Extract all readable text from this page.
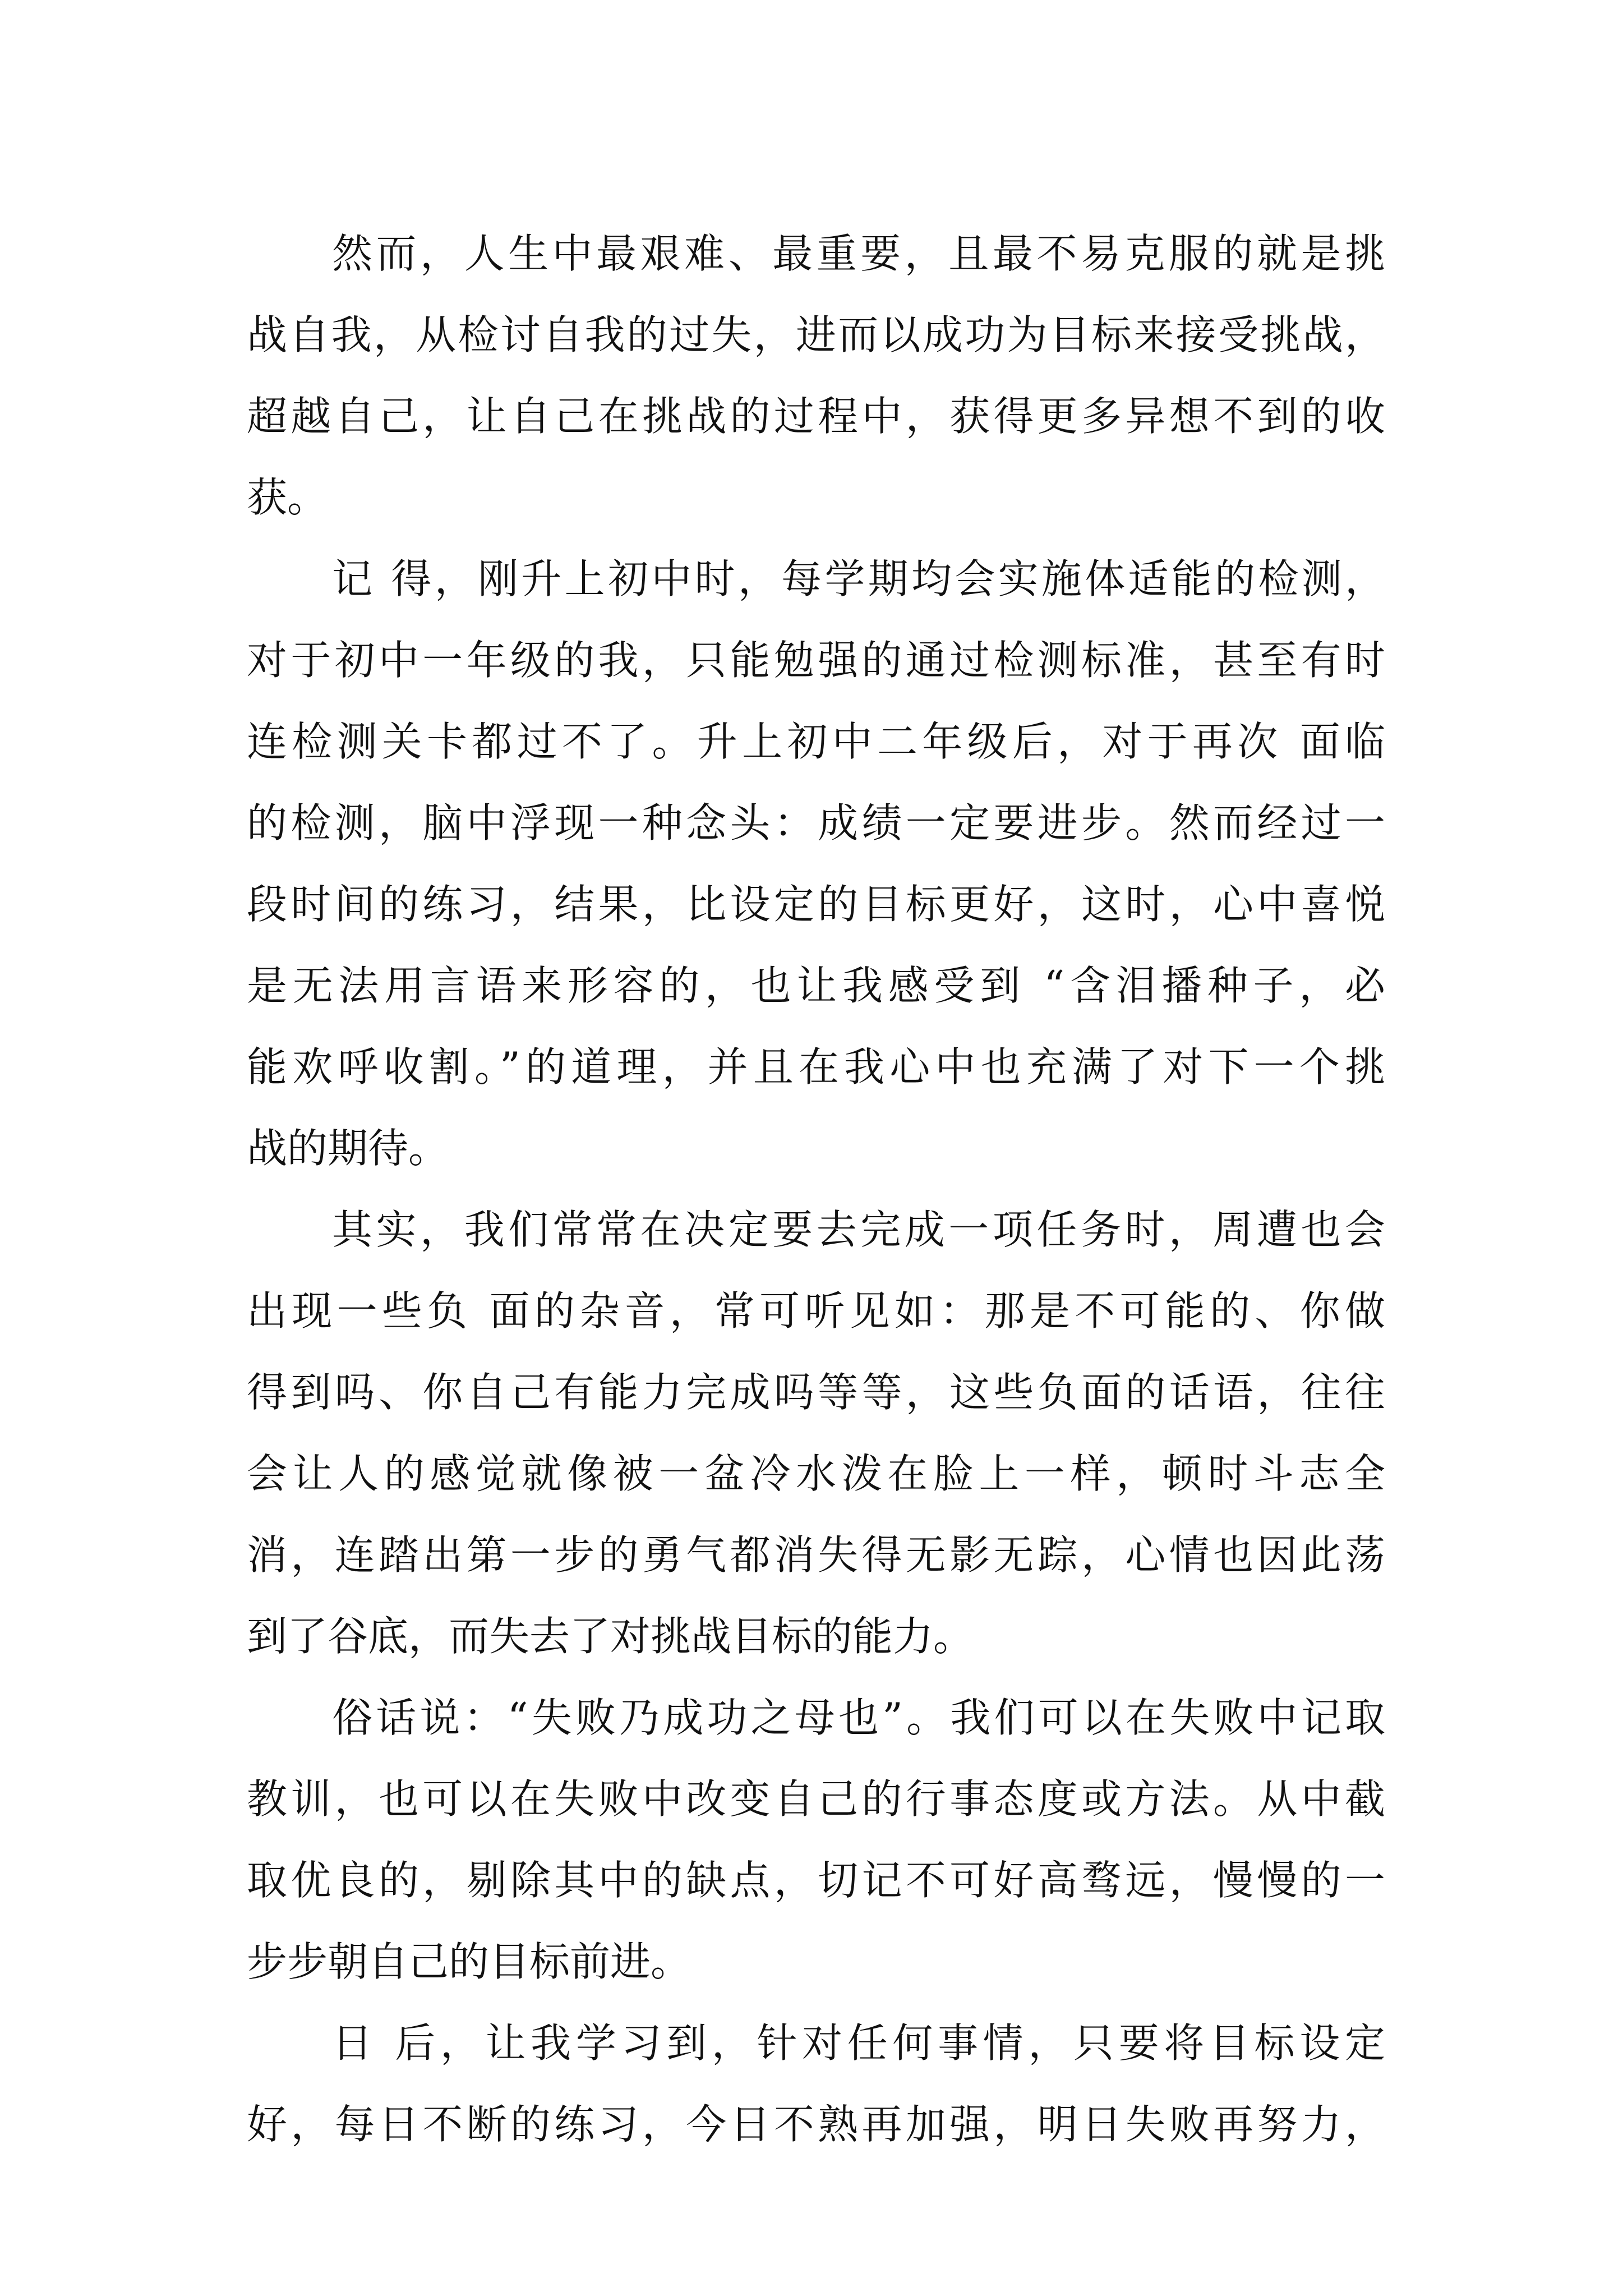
然而，人生中最艰难、最重要，且最不易克服的就是挑
战自我，从检讨自我的过失，进而以成功为目标来接受挑战，
超越自己，让自己在挑战的过程中，获得更多异想不到的收
获。
记 得，刚升上初中时，每学期均会实施体适能的检测，
对于初中一年级的我，只能勉强的通过检测标准，甚至有时
连检测关卡都过不了。升上初中二年级后，对于再次 面临
的检测，脑中浮现一种念头：成绩一定要进步。然而经过一
段时间的练习，结果，比设定的目标更好，这时，心中喜悦
是无法用言语来形容的，也让我感受到 “含泪播种子，必
能欢呼收割。”的道理，并且在我心中也充满了对下一个挑
战的期待。
其实，我们常常在决定要去完成一项任务时，周遭也会
出现一些负 面的杂音，常可听见如：那是不可能的、你做
得到吗、你自己有能力完成吗等等，这些负面的话语，往往
会让人的感觉就像被一盆冷水泼在脸上一样，顿时斗志全
消，连踏出第一步的勇气都消失得无影无踪，心情也因此荡
到了谷底，而失去了对挑战目标的能力。
俗话说：“失败乃成功之母也”。我们可以在失败中记取
教训，也可以在失败中改变自己的行事态度或方法。从中截
取优良的，剔除其中的缺点，切记不可好高骛远，慢慢的一
步步朝自己的目标前进。
日 后，让我学习到，针对任何事情，只要将目标设定
好，每日不断的练习，今日不熟再加强，明日失败再努力，
